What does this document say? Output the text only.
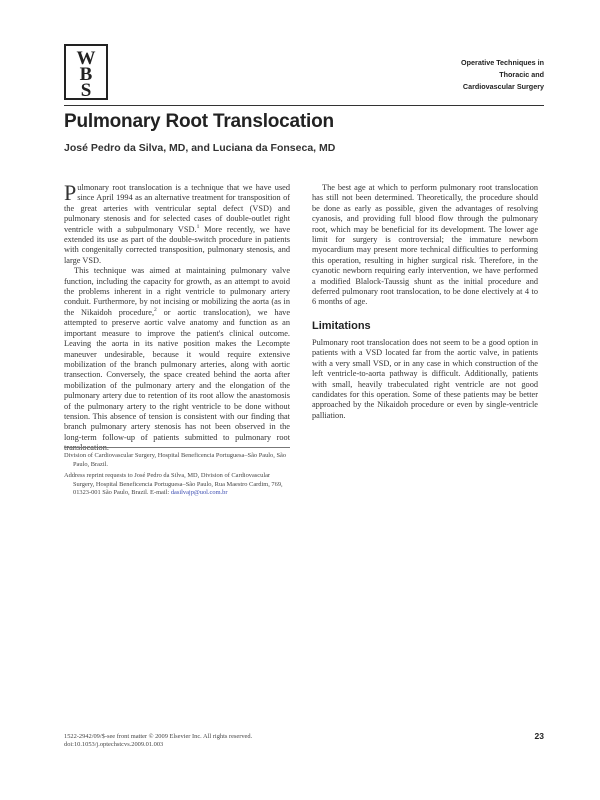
W
B
S
Operative Techniques in
Thoracic and
Cardiovascular Surgery
Pulmonary Root Translocation

José Pedro da Silva, MD, and Luciana da Fonseca, MD

Pulmonary root translocation is a technique that we have used since April 1994 as an alternative treatment for transposition of the great arteries with ventricular septal defect (VSD) and pulmonary stenosis and for selected cases of double-outlet right ventricle with a subpulmonary VSD.$^1$ More recently, we have extended its use as part of the double-switch procedure in patients with congenitally corrected transposition, pulmonary stenosis, and large VSD.

This technique was aimed at maintaining pulmonary valve function, including the capacity for growth, as an attempt to avoid the problems inherent in a right ventricle to pulmonary artery conduit. Furthermore, by not incising or mobilizing the aorta (as in the Nikaidoh procedure,$^2$ or aortic translocation), we have attempted to preserve aortic valve anatomy and function as an important measure to improve the patient's clinical outcome. Leaving the aorta in its native position makes the Lecompte maneuver undesirable, because it would require extensive mobilization of the branch pulmonary arteries, along with aortic transection. Conversely, the space created behind the aorta after mobilization of the pulmonary artery and the elongation of the pulmonary artery due to retention of its root allow the anastomosis of the pulmonary artery to the right ventricle to be done without tension. This absence of tension is consistent with our finding that branch pulmonary artery stenosis has not been observed in the long-term follow-up of patients submitted to pulmonary root translocation.

Division of Cardiovascular Surgery, Hospital Beneficencia Portuguesa–São Paulo, São Paulo, Brazil.

Address reprint requests to José Pedro da Silva, MD, Division of Cardiovascular Surgery, Hospital Beneficencia Portuguesa–São Paulo, Rua Maestro Cardim, 769, 01323-001 São Paulo, Brazil. E-mail: dasilvajp@uol.com.br

The best age at which to perform pulmonary root translocation has still not been determined. Theoretically, the procedure should be done as early as possible, given the advantages of resolving cyanosis, and providing full blood flow through the pulmonary root, which may be beneficial for its development. The lower age limit for surgery is controversial; the immature newborn myocardium may present more technical difficulties to performing this operation, resulting in higher surgical risk. Therefore, in the cyanotic newborn requiring early intervention, we have performed a modified Blalock-Taussig shunt as the initial procedure and deferred pulmonary root translocation, to be done electively at 4 to 6 months of age.

Limitations

Pulmonary root translocation does not seem to be a good option in patients with a VSD located far from the aortic valve, in patients with a very small VSD, or in any case in which construction of the left ventricle-to-aorta pathway is difficult. Additionally, patients with small, heavily trabeculated right ventricle are not good candidates for this operation. Some of these patients may be better approached by the Nikaidoh procedure or even by single-ventricle palliation.

1522-2942/09/$-see front matter © 2009 Elsevier Inc. All rights reserved.
doi:10.1053/j.optechstcvs.2009.01.003
23
